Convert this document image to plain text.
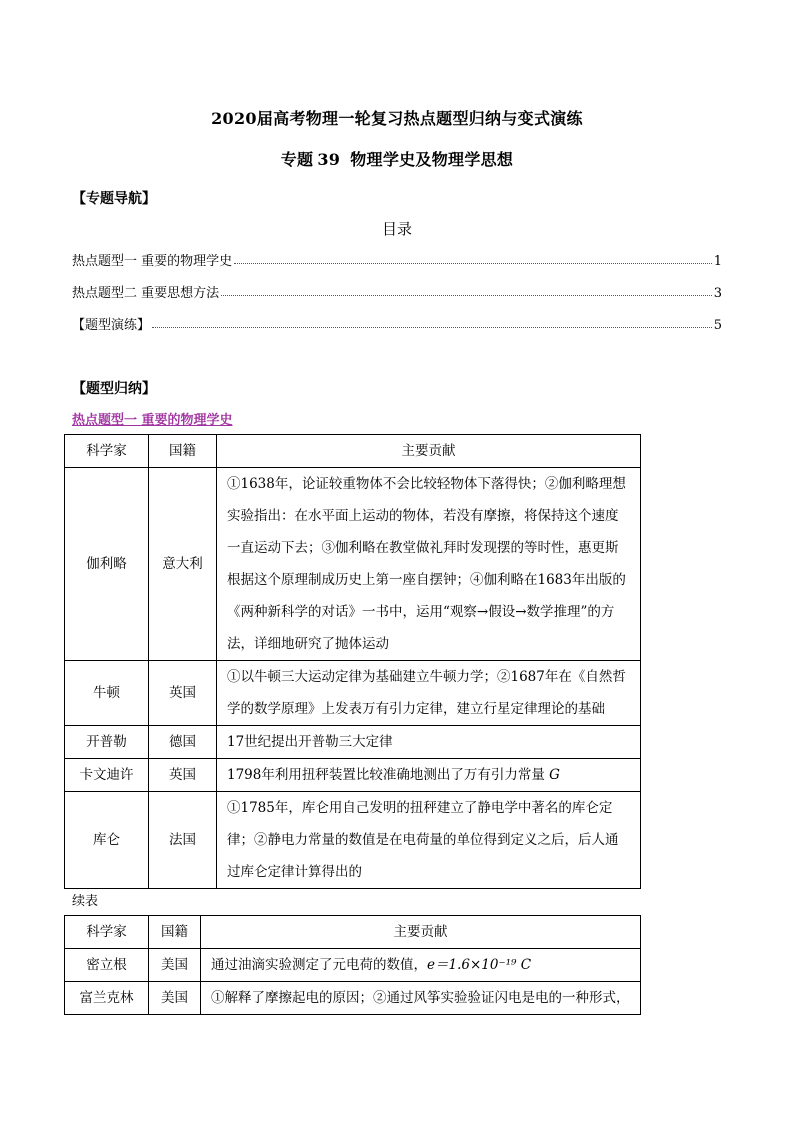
2020届高考物理一轮复习热点题型归纳与变式演练
专题 39 物理学史及物理学思想
【专题导航】
目录
热点题型一 重要的物理学史	1
热点题型二 重要思想方法	3
【题型演练】	5
【题型归纳】
热点题型一 重要的物理学史
科学家	国籍	主要贡献
伽利略	意大利	①1638年，论证较重物体不会比较轻物体下落得快；②伽利略理想实验指出：在水平面上运动的物体，若没有摩擦，将保持这个速度一直运动下去；③伽利略在教堂做礼拜时发现摆的等时性，惠更斯根据这个原理制成历史上第一座自摆钟；④伽利略在1683年出版的《两种新科学的对话》一书中，运用“观察→假设→数学推理”的方法，详细地研究了抛体运动
牛顿	英国	①以牛顿三大运动定律为基础建立牛顿力学；②1687年在《自然哲学的数学原理》上发表万有引力定律，建立行星定律理论的基础
开普勒	德国	17世纪提出开普勒三大定律
卡文迪许	英国	1798年利用扭秤装置比较准确地测出了万有引力常量 G
库仑	法国	①1785年，库仑用自己发明的扭秤建立了静电学中著名的库仑定律；②静电力常量的数值是在电荷量的单位得到定义之后，后人通过库仑定律计算得出的
续表
科学家	国籍	主要贡献
密立根	美国	通过油滴实验测定了元电荷的数值，e＝1.6×10⁻¹⁹ C
富兰克林	美国	①解释了摩擦起电的原因；②通过风筝实验验证闪电是电的一种形式，
